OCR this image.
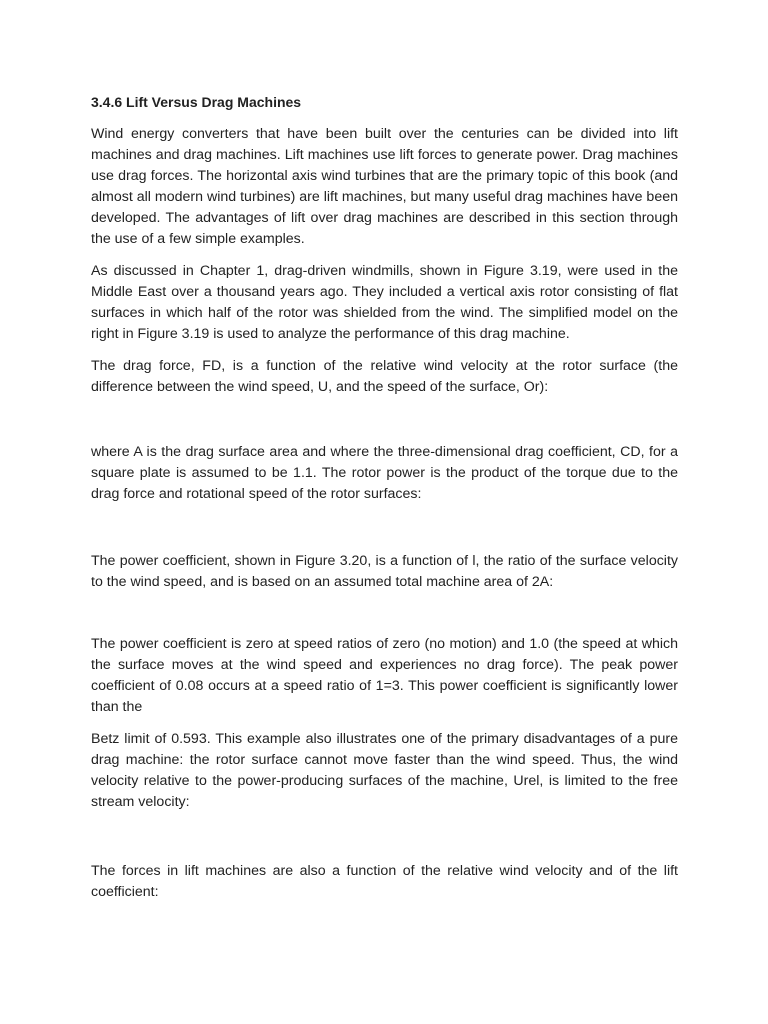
3.4.6 Lift Versus Drag Machines

Wind energy converters that have been built over the centuries can be divided into lift machines and drag machines. Lift machines use lift forces to generate power. Drag machines use drag forces. The horizontal axis wind turbines that are the primary topic of this book (and almost all modern wind turbines) are lift machines, but many useful drag machines have been developed. The advantages of lift over drag machines are described in this section through the use of a few simple examples.

As discussed in Chapter 1, drag-driven windmills, shown in Figure 3.19, were used in the Middle East over a thousand years ago. They included a vertical axis rotor consisting of flat surfaces in which half of the rotor was shielded from the wind. The simplified model on the right in Figure 3.19 is used to analyze the performance of this drag machine.

The drag force, FD, is a function of the relative wind velocity at the rotor surface (the difference between the wind speed, U, and the speed of the surface, Or):

where A is the drag surface area and where the three-dimensional drag coefficient, CD, for a square plate is assumed to be 1.1. The rotor power is the product of the torque due to the drag force and rotational speed of the rotor surfaces:

The power coefficient, shown in Figure 3.20, is a function of l, the ratio of the surface velocity to the wind speed, and is based on an assumed total machine area of 2A:

The power coefficient is zero at speed ratios of zero (no motion) and 1.0 (the speed at which the surface moves at the wind speed and experiences no drag force). The peak power coefficient of 0.08 occurs at a speed ratio of 1=3. This power coefficient is significantly lower than the

Betz limit of 0.593. This example also illustrates one of the primary disadvantages of a pure drag machine: the rotor surface cannot move faster than the wind speed. Thus, the wind velocity relative to the power-producing surfaces of the machine, Urel, is limited to the free stream velocity:

The forces in lift machines are also a function of the relative wind velocity and of the lift coefficient:
